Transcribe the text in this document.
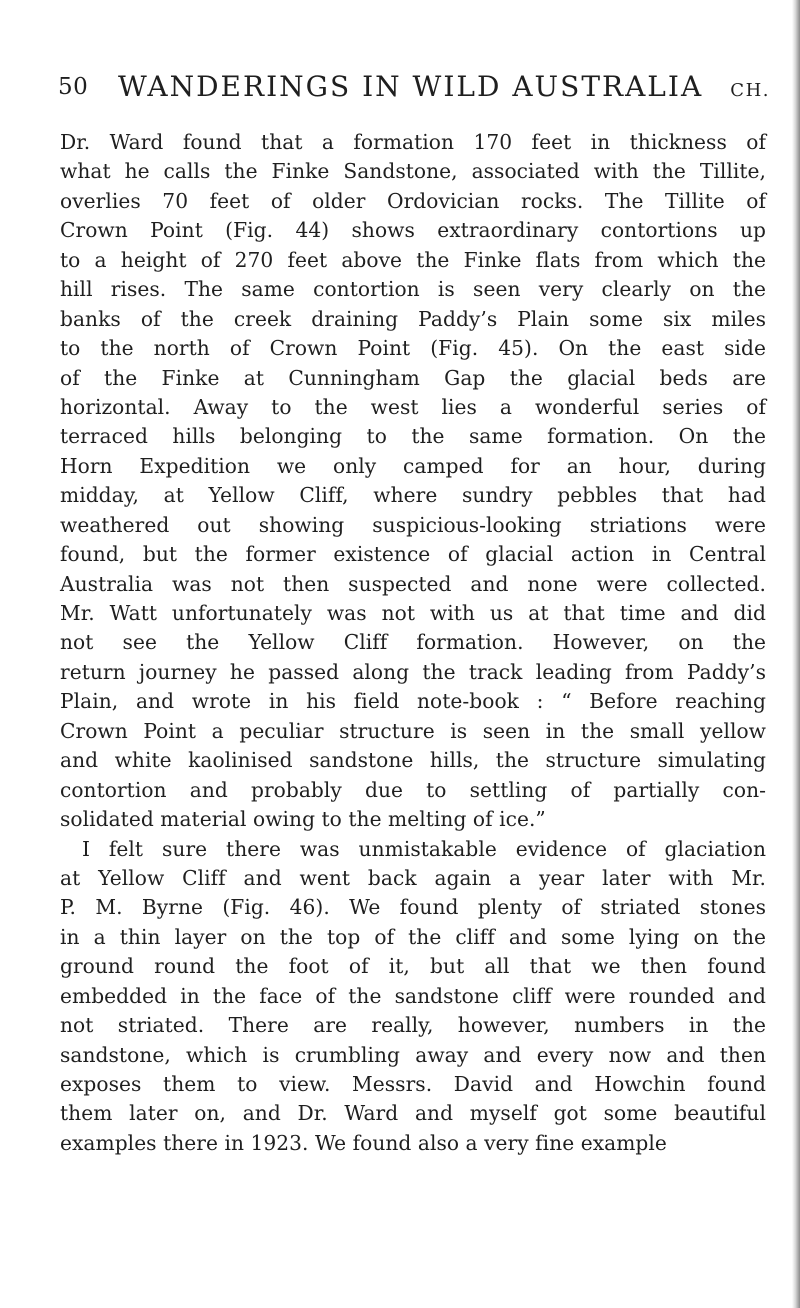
50 WANDERINGS IN WILD AUSTRALIA CH.
Dr. Ward found that a formation 170 feet in thickness of
what he calls the Finke Sandstone, associated with the Tillite,
overlies 70 feet of older Ordovician rocks. The Tillite of
Crown Point (Fig. 44) shows extraordinary contortions up
to a height of 270 feet above the Finke flats from which the
hill rises. The same contortion is seen very clearly on the
banks of the creek draining Paddy’s Plain some six miles
to the north of Crown Point (Fig. 45). On the east side
of the Finke at Cunningham Gap the glacial beds are
horizontal. Away to the west lies a wonderful series of
terraced hills belonging to the same formation. On the
Horn Expedition we only camped for an hour, during
midday, at Yellow Cliff, where sundry pebbles that had
weathered out showing suspicious-looking striations were
found, but the former existence of glacial action in Central
Australia was not then suspected and none were collected.
Mr. Watt unfortunately was not with us at that time and did
not see the Yellow Cliff formation. However, on the
return journey he passed along the track leading from Paddy’s
Plain, and wrote in his field note-book : “ Before reaching
Crown Point a peculiar structure is seen in the small yellow
and white kaolinised sandstone hills, the structure simulating
contortion and probably due to settling of partially con-
solidated material owing to the melting of ice.”
I felt sure there was unmistakable evidence of glaciation
at Yellow Cliff and went back again a year later with Mr.
P. M. Byrne (Fig. 46). We found plenty of striated stones
in a thin layer on the top of the cliff and some lying on the
ground round the foot of it, but all that we then found
embedded in the face of the sandstone cliff were rounded and
not striated. There are really, however, numbers in the
sandstone, which is crumbling away and every now and then
exposes them to view. Messrs. David and Howchin found
them later on, and Dr. Ward and myself got some beautiful
examples there in 1923. We found also a very fine example
